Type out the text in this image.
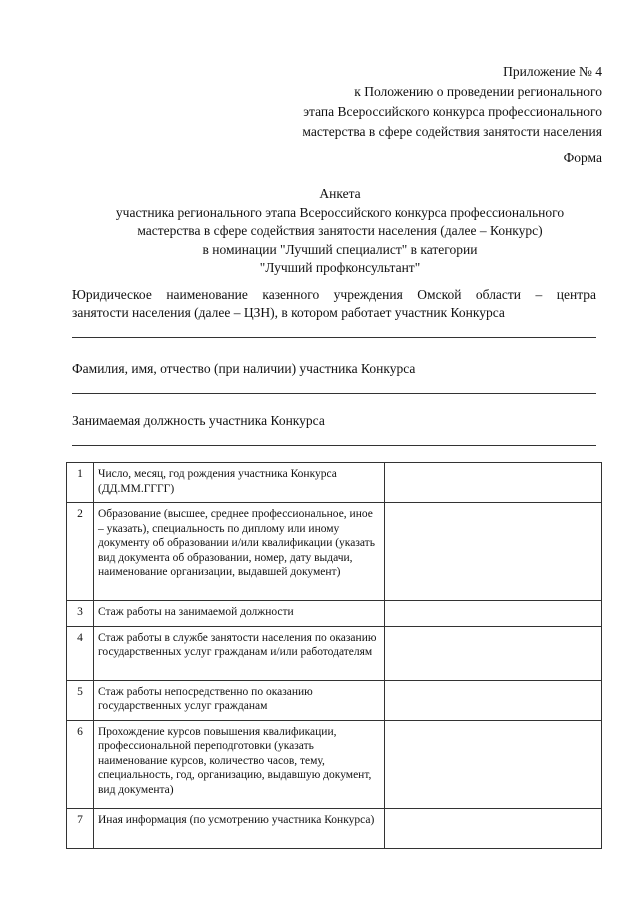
Приложение № 4
к Положению о проведении регионального
этапа Всероссийского конкурса профессионального
мастерства в сфере содействия занятости населения
Форма
Анкета
участника регионального этапа Всероссийского конкурса профессионального
мастерства в сфере содействия занятости населения (далее – Конкурс)
в номинации "Лучший специалист" в категории
"Лучший профконсультант"
Юридическое наименование казенного учреждения Омской области – центра
занятости населения (далее – ЦЗН), в котором работает участник Конкурса
Фамилия, имя, отчество (при наличии) участника Конкурса
Занимаемая должность участника Конкурса
1	Число, месяц, год рождения участника Конкурса (ДД.ММ.ГГГГ)	
2	Образование (высшее, среднее профессиональное, иное – указать), специальность по диплому или иному документу об образовании и/или квалификации (указать вид документа об образовании, номер, дату выдачи, наименование организации, выдавшей документ)	
3	Стаж работы на занимаемой должности	
4	Стаж работы в службе занятости населения по оказанию государственных услуг гражданам и/или работодателям	
5	Стаж работы непосредственно по оказанию государственных услуг гражданам	
6	Прохождение курсов повышения квалификации, профессиональной переподготовки (указать наименование курсов, количество часов, тему, специальность, год, организацию, выдавшую документ, вид документа)	
7	Иная информация (по усмотрению участника Конкурса)	
